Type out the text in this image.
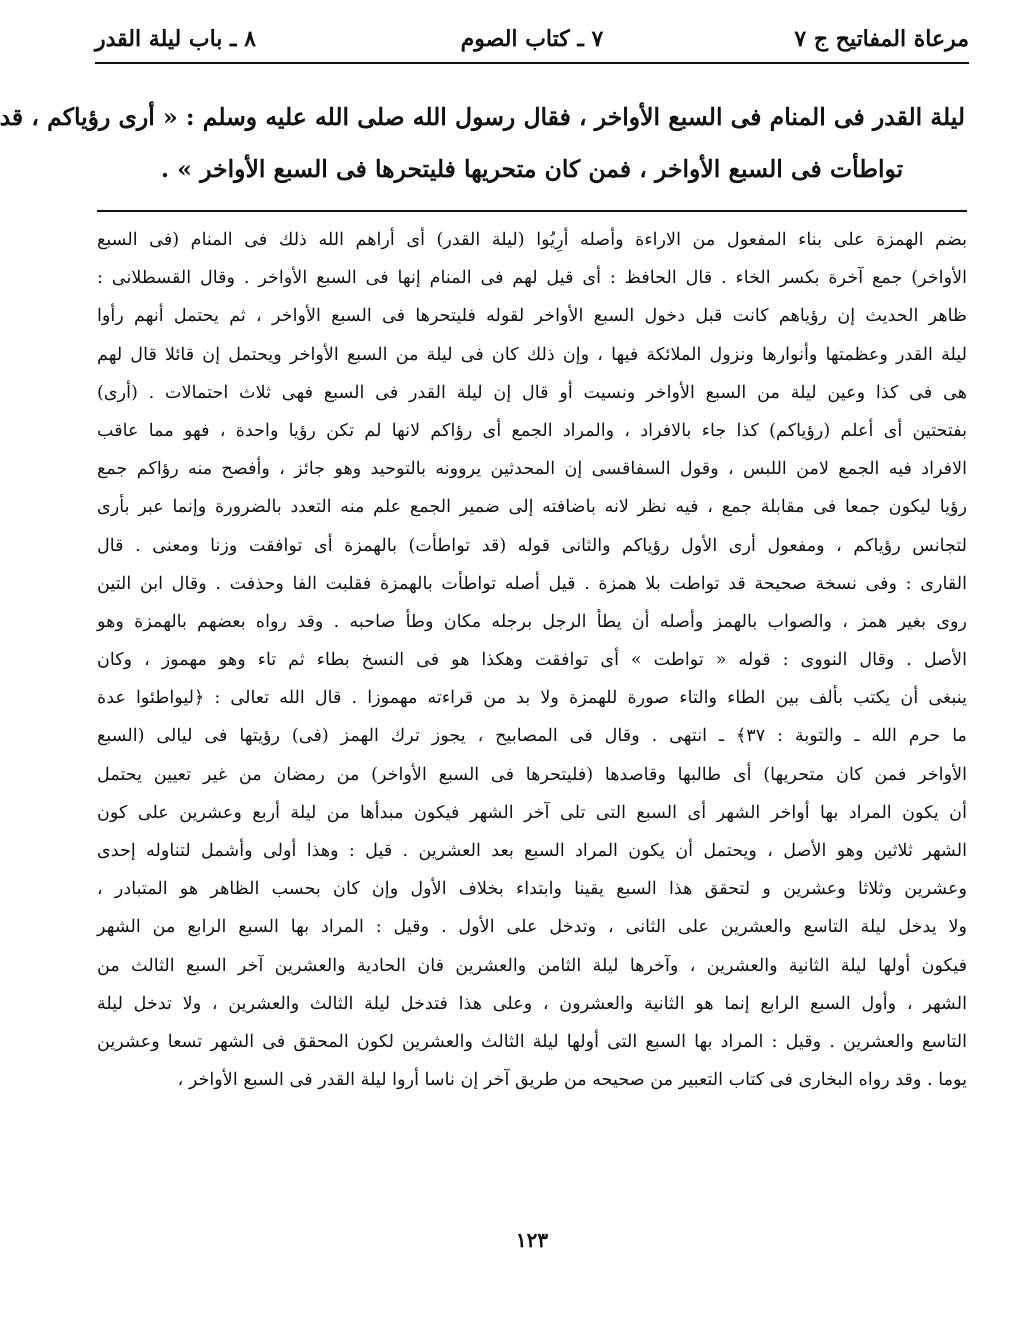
مرعاة المفاتيح ج ٧
٧ ـ كتاب الصوم
٨ ـ باب ليلة القدر
ليلة القدر فى المنام فى السبع الأواخر ، فقال رسول الله صلى الله عليه وسلم : « أرى رؤياكم ، قد
تواطأت فى السبع الأواخر ، فمن كان متحريها فليتحرها فى السبع الأواخر » .
بضم الهمزة على بناء المفعول من الاراءة وأصله أرِيُوا (ليلة القدر) أى أراهم الله ذلك فى المنام (فى السبع
الأواخر) جمع آخرة بكسر الخاء . قال الحافظ : أى قيل لهم فى المنام إنها فى السبع الأواخر . وقال القسطلانى :
ظاهر الحديث إن رؤياهم كانت قبل دخول السبع الأواخر لقوله فليتحرها فى السبع الأواخر ، ثم يحتمل أنهم رأوا
ليلة القدر وعظمتها وأنوارها ونزول الملائكة فيها ، وإن ذلك كان فى ليلة من السبع الأواخر ويحتمل إن قائلا قال لهم
هى فى كذا وعين ليلة من السبع الأواخر ونسيت أو قال إن ليلة القدر فى السبع فهى ثلاث احتمالات . (أرى)
بفتحتين أى أعلم (رؤياكم) كذا جاء بالافراد ، والمراد الجمع أى رؤاكم لانها لم تكن رؤيا واحدة ، فهو مما عاقب
الافراد فيه الجمع لامن اللبس ، وقول السفاقسى إن المحدثين يروونه بالتوحيد وهو جائز ، وأفصح منه رؤاكم جمع
رؤيا ليكون جمعا فى مقابلة جمع ، فيه نظر لانه باضافته إلى ضمير الجمع علم منه التعدد بالضرورة وإنما عبر بأرى
لتجانس رؤياكم ، ومفعول أرى الأول رؤياكم والثانى قوله (قد تواطأت) بالهمزة أى توافقت وزنا ومعنى . قال
القارى : وفى نسخة صحيحة قد تواطت بلا همزة . قيل أصله تواطأت بالهمزة فقلبت الفا وحذفت . وقال ابن التين
روى بغير همز ، والصواب بالهمز وأصله أن يطأ الرجل برجله مكان وطأ صاحبه . وقد رواه بعضهم بالهمزة وهو
الأصل . وقال النووى : قوله « تواطت » أى توافقت وهكذا هو فى النسخ بطاء ثم تاء وهو مهموز ، وكان
ينبغى أن يكتب بألف بين الطاء والتاء صورة للهمزة ولا بد من قراءته مهموزا . قال الله تعالى : ﴿ليواطئوا عدة
ما حرم الله ـ والتوبة : ٣٧﴾ ـ انتهى . وقال فى المصابيح ، يجوز ترك الهمز (فى) رؤيتها فى ليالى (السبع
الأواخر فمن كان متحريها) أى طالبها وقاصدها (فليتحرها فى السبع الأواخر) من رمضان من غير تعيين يحتمل
أن يكون المراد بها أواخر الشهر أى السبع التى تلى آخر الشهر فيكون مبدأها من ليلة أربع وعشرين على كون
الشهر ثلاثين وهو الأصل ، ويحتمل أن يكون المراد السبع بعد العشرين . قيل : وهذا أولى وأشمل لتناوله إحدى
وعشرين وثلاثا وعشرين و لتحقق هذا السبع يقينا وابتداء بخلاف الأول وإن كان بحسب الظاهر هو المتبادر ،
ولا يدخل ليلة التاسع والعشرين على الثانى ، وتدخل على الأول . وقيل : المراد بها السبع الرابع من الشهر
فيكون أولها ليلة الثانية والعشرين ، وآخرها ليلة الثامن والعشرين فان الحادية والعشرين آخر السبع الثالث من
الشهر ، وأول السبع الرابع إنما هو الثانية والعشرون ، وعلى هذا فتدخل ليلة الثالث والعشرين ، ولا تدخل ليلة
التاسع والعشرين . وقيل : المراد بها السبع التى أولها ليلة الثالث والعشرين لكون المحقق فى الشهر تسعا وعشرين
يوما . وقد رواه البخارى فى كتاب التعبير من صحيحه من طريق آخر إن ناسا أروا ليلة القدر فى السبع الأواخر ،
١٢٣
